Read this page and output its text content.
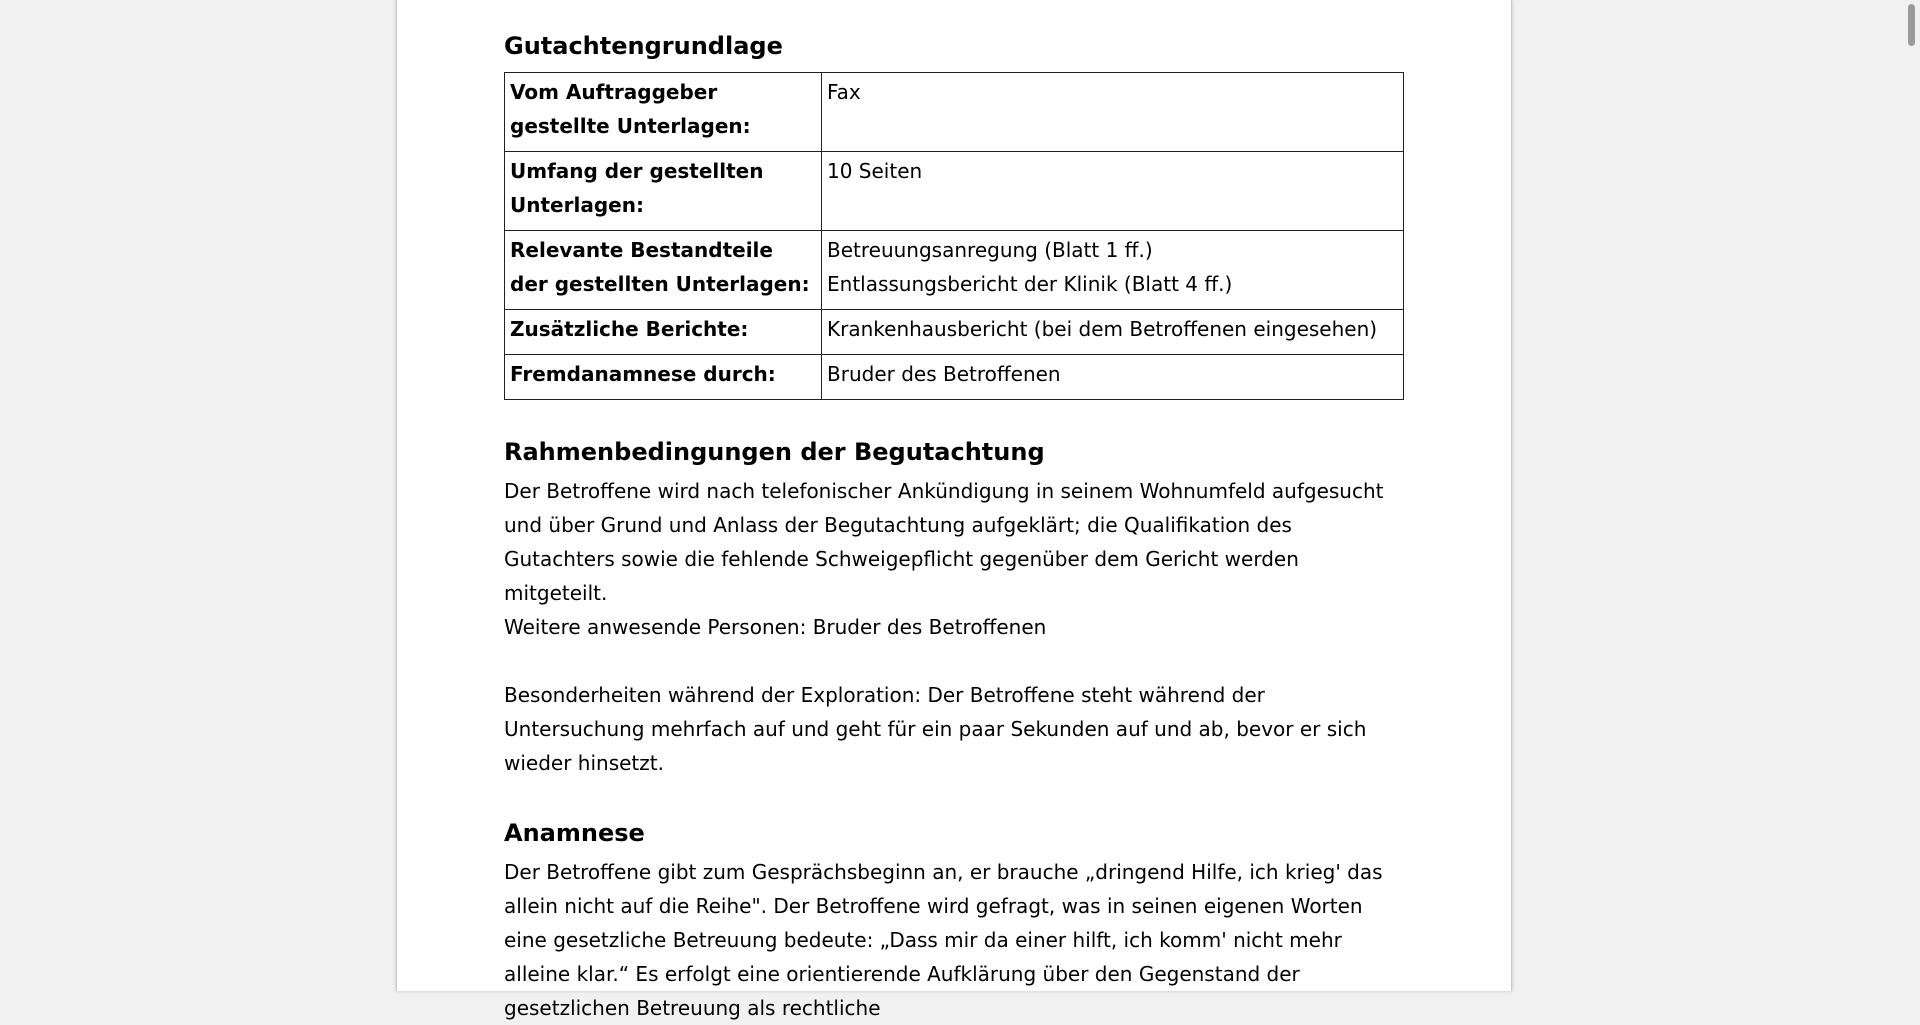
Gutachtengrundlage
Vom Auftraggeber gestellte Unterlagen:	Fax

Umfang der gestellten Unterlagen:	10 Seiten

Relevante Bestandteile der gestellten Unterlagen:	Betreuungsanregung (Blatt 1 ff.)
Entlassungsbericht der Klinik (Blatt 4 ff.)

Zusätzliche Berichte:	Krankenhausbericht (bei dem Betroffenen eingesehen)

Fremdanamnese durch:	Bruder des Betroffenen
Rahmenbedingungen der Begutachtung

Der Betroffene wird nach telefonischer Ankündigung in seinem Wohnumfeld aufgesucht und über Grund und Anlass der Begutachtung aufgeklärt; die Qualifikation des Gutachters sowie die fehlende Schweigepflicht gegenüber dem Gericht werden mitgeteilt.

Weitere anwesende Personen: Bruder des Betroffenen

Besonderheiten während der Exploration: Der Betroffene steht während der Untersuchung mehrfach auf und geht für ein paar Sekunden auf und ab, bevor er sich wieder hinsetzt.

Anamnese

Der Betroffene gibt zum Gesprächsbeginn an, er brauche „dringend Hilfe, ich krieg' das allein nicht auf die Reihe". Der Betroffene wird gefragt, was in seinen eigenen Worten eine gesetzliche Betreuung bedeute: „Dass mir da einer hilft, ich komm' nicht mehr alleine klar.“ Es erfolgt eine orientierende Aufklärung über den Gegenstand der gesetzlichen Betreuung als rechtliche
